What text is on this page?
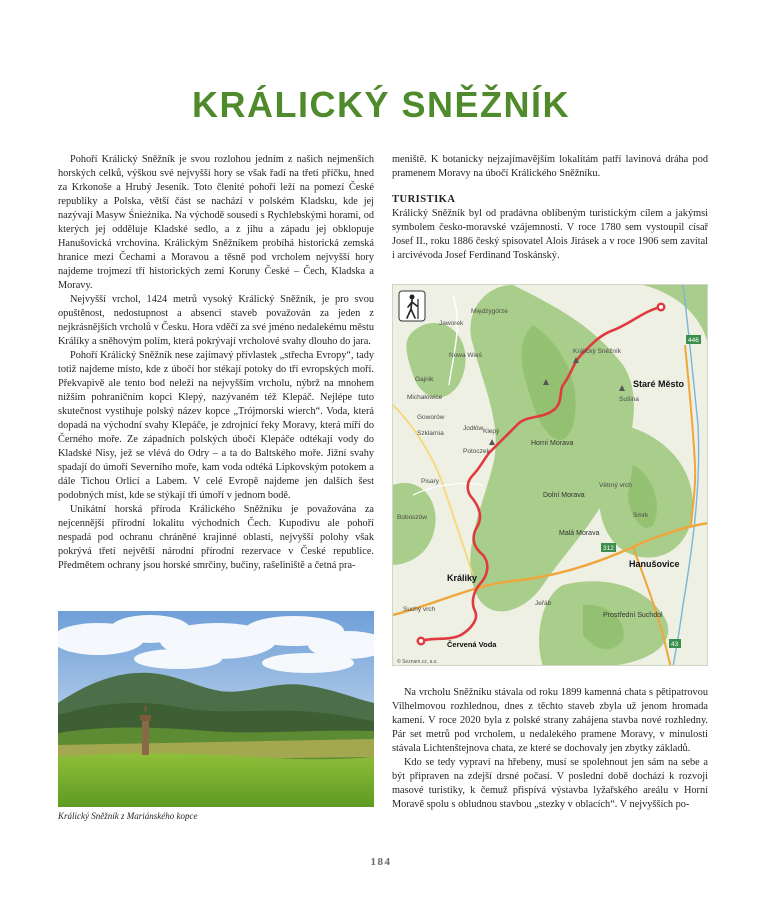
KRÁLICKÝ SNĚŽNÍK

Pohoří Králický Sněžník je svou rozlohou jedním z našich nejmenších horských celků, výškou své nejvyšší hory se však řadí na třetí příčku, hned za Krkonoše a Hrubý Jeseník. Toto členité pohoří leží na pomezí České republiky a Polska, větší část se nachází v polském Kladsku, kde jej nazývají Masyw Śnieżnika. Na východě sousedí s Rychlebskými horami, od kterých jej odděluje Kladské sedlo, a z jihu a západu jej obklopuje Hanušovická vrchovina. Králickým Sněžníkem probíhá historická zemská hranice mezi Čechami a Moravou a těsně pod vrcholem nejvyšší hory najdeme trojmezí tří historických zemí Koruny České – Čech, Kladska a Moravy.

Nejvyšší vrchol, 1424 metrů vysoký Králický Sněžník, je pro svou opuštěnost, nedostupnost a absenci staveb považován za jeden z nejkrásnějších vrcholů v Česku. Hora vděčí za své jméno nedalekému městu Králíky a sněhovým polím, která pokrývají vrcholové svahy dlouho do jara.

Pohoří Králický Sněžník nese zajímavý přívlastek „střecha Evropy“, tady totiž najdeme místo, kde z úbočí hor stékají potoky do tří evropských moří. Překvapivě ale tento bod neleží na nejvyšším vrcholu, nýbrž na mnohem nižším pohraničním kopci Klepý, nazývaném též Klepáč. Nejlépe tuto skutečnost vystihuje polský název kopce „Trójmorski wierch“. Voda, která dopadá na východní svahy Klepáče, je zdrojnicí řeky Moravy, která míří do Černého moře. Ze západních polských úbočí Klepáče odtékají vody do Kladské Nisy, jež se vlévá do Odry – a ta do Baltského moře. Jižní svahy spadají do úmoří Severního moře, kam voda odtéká Lipkovským potokem a dále Tichou Orlicí a Labem. V celé Evropě najdeme jen dalších šest podobných míst, kde se stýkají tři úmoří v jednom bodě.

Unikátní horská příroda Králického Sněžníku je považována za nejcennější přírodní lokalitu východních Čech. Kupodivu ale pohoří nespadá pod ochranu chráněné krajinné oblasti, nejvyšší polohy však pokrývá třetí největší národní přírodní rezervace v České republice. Předmětem ochrany jsou horské smrčiny, bučiny, rašeliniště a četná pra-

Králický Sněžník z Mariánského kopce

meniště. K botanicky nejzajímavějším lokalitám patří lavinová dráha pod pramenem Moravy na úbočí Králického Sněžníku.

TURISTIKA

Králický Sněžník byl od pradávna oblíbeným turistickým cílem a jakýmsi symbolem česko-moravské vzájemnosti. V roce 1780 sem vystoupil císař Josef II., roku 1886 český spisovatel Alois Jirásek a v roce 1906 sem zavítal i arcivévoda Josef Ferdinand Toskánský.

Międzygórze
Jaworek
Nowa Wieś
Gajnik
Michałowice
Goworów
Szklarnia
Jodłów
Potoczek
Pisary
Boboszów
Králický Sněžník
Klepý
Sušina
Smrk
Jeřáb
Suchý vrch
Větrný vrch
Dolní Morava
Malá Morava
Horní Morava
Prostřední Suchdol
Staré Město
Hanušovice
Králiky
Červená Voda
446
312
43
© Seznam.cz, a.s.

Na vrcholu Sněžníku stávala od roku 1899 kamenná chata s pětipatrovou Vilhelmovou rozhlednou, dnes z těchto staveb zbyla už jenom hromada kamení. V roce 2020 byla z polské strany zahájena stavba nové rozhledny. Pár set metrů pod vrcholem, u nedalekého pramene Moravy, v minulosti stávala Lichtenštejnova chata, ze které se dochovaly jen zbytky základů.

Kdo se tedy vypraví na hřebeny, musí se spolehnout jen sám na sebe a být připraven na zdejší drsné počasí. V poslední době dochází k rozvoji masové turistiky, k čemuž přispívá výstavba lyžařského areálu v Horní Moravě spolu s obludnou stavbou „stezky v oblacích“. V nejvyšších po-

184
